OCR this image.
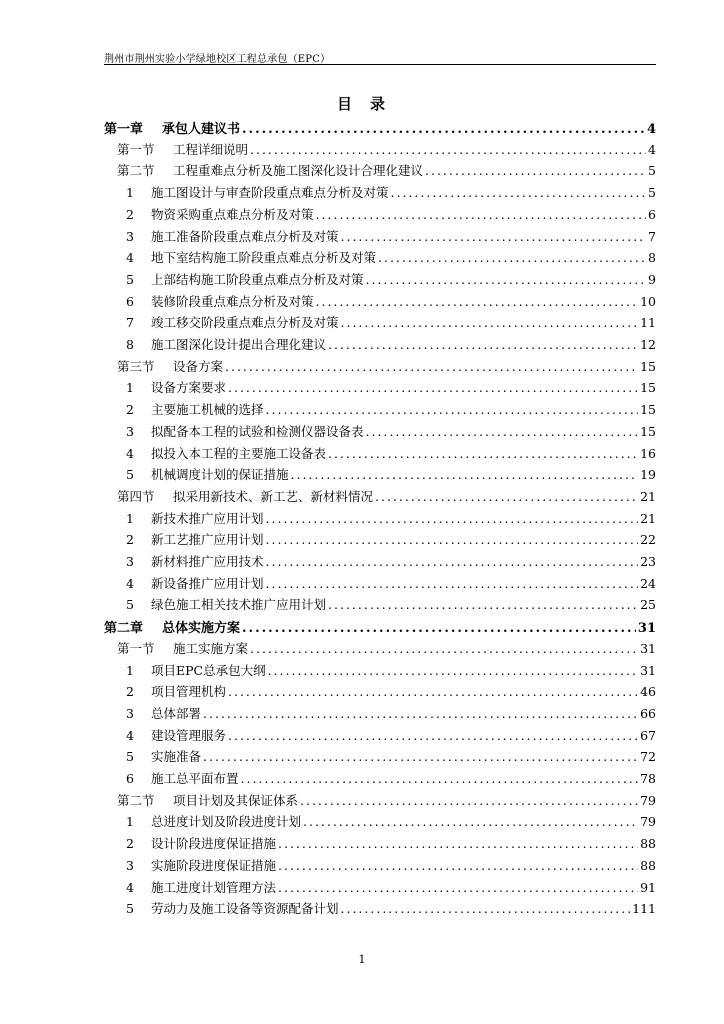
荆州市荆州实验小学绿地校区工程总承包（EPC）
目 录
第一章	承包人建议书 .....	4
第一节	工程详细说明 .....	4
第二节	工程重难点分析及施工图深化设计合理化建议 .....	5
1	施工图设计与审查阶段重点难点分析及对策 .....	5
2	物资采购重点难点分析及对策 .....	6
3	施工准备阶段重点难点分析及对策 .....	7
4	地下室结构施工阶段重点难点分析及对策 .....	8
5	上部结构施工阶段重点难点分析及对策 .....	9
6	装修阶段重点难点分析及对策 .....	10
7	竣工移交阶段重点难点分析及对策 .....	11
8	施工图深化设计提出合理化建议 .....	12
第三节	设备方案 .....	15
1	设备方案要求 .....	15
2	主要施工机械的选择 .....	15
3	拟配备本工程的试验和检测仪器设备表 .....	15
4	拟投入本工程的主要施工设备表 .....	16
5	机械调度计划的保证措施 .....	19
第四节	拟采用新技术、新工艺、新材料情况 .....	21
1	新技术推广应用计划 .....	21
2	新工艺推广应用计划 .....	22
3	新材料推广应用技术 .....	23
4	新设备推广应用计划 .....	24
5	绿色施工相关技术推广应用计划 .....	25
第二章	总体实施方案 .....	31
第一节	施工实施方案 .....	31
1	项目EPC总承包大纲 .....	31
2	项目管理机构 .....	46
3	总体部署 .....	66
4	建设管理服务 .....	67
5	实施准备 .....	72
6	施工总平面布置 .....	78
第二节	项目计划及其保证体系 .....	79
1	总进度计划及阶段进度计划 .....	79
2	设计阶段进度保证措施 .....	88
3	实施阶段进度保证措施 .....	88
4	施工进度计划管理方法 .....	91
5	劳动力及施工设备等资源配备计划 .....	111
1
